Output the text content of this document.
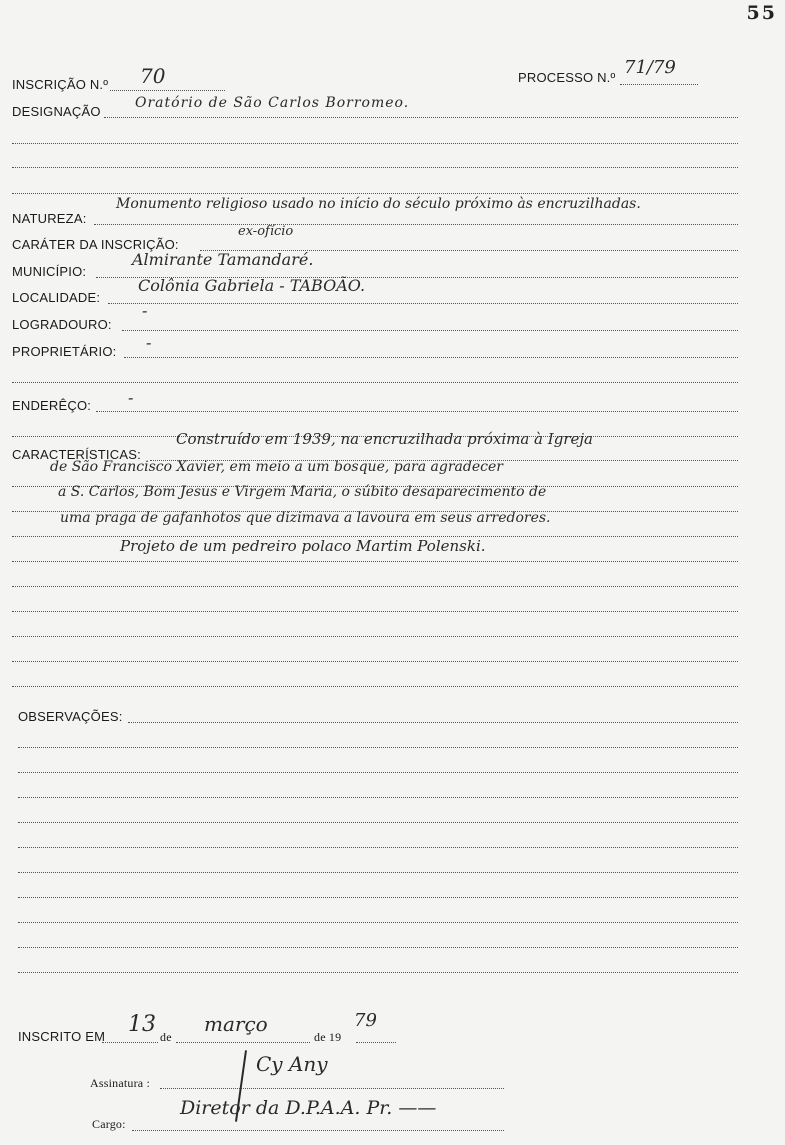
55
INSCRIÇÃO N.º 70	PROCESSO N.º 71/79
DESIGNAÇÃO
Oratório de São Carlos Borromeo.
NATUREZA:
Monumento religioso usado no início do século próximo às encruzilhadas.
CARÁTER DA INSCRIÇÃO:
ex-ofício
MUNICÍPIO:
Almirante Tamandaré.
LOCALIDADE:
Colônia Gabriela - TABOÃO.
LOGRADOURO:
-
PROPRIETÁRIO: -
ENDERÊÇO: -
CARACTERÍSTICAS:
Construído em 1939, na encruzilhada próxima à Igreja
de São Francisco Xavier, em meio a um bosque, para agradecer
a S. Carlos, Bom Jesus e Virgem Maria, o súbito desaparecimento de
uma praga de gafanhotos que dizimava a lavoura em seus arredores.
Projeto de um pedreiro polaco Martim Polenski.
OBSERVAÇÕES:
INSCRITO EM 13 de
março
de 19
79
Assinatura :
Cy Any
Cargo:
Diretor da D.P.A.A. Pr. ——
